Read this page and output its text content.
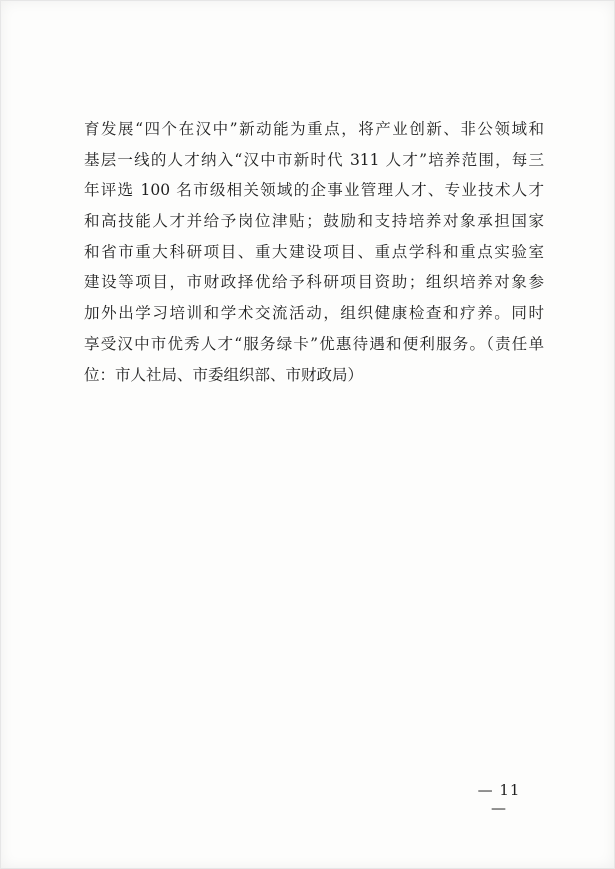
育发展“四个在汉中”新动能为重点，将产业创新、非公领域和
基层一线的人才纳入“汉中市新时代 311 人才”培养范围，每三
年评选 100 名市级相关领域的企事业管理人才、专业技术人才
和高技能人才并给予岗位津贴；鼓励和支持培养对象承担国家
和省市重大科研项目、重大建设项目、重点学科和重点实验室
建设等项目，市财政择优给予科研项目资助；组织培养对象参
加外出学习培训和学术交流活动，组织健康检查和疗养。同时
享受汉中市优秀人才“服务绿卡”优惠待遇和便利服务。（责任单
位：市人社局、市委组织部、市财政局）
— 11 —
